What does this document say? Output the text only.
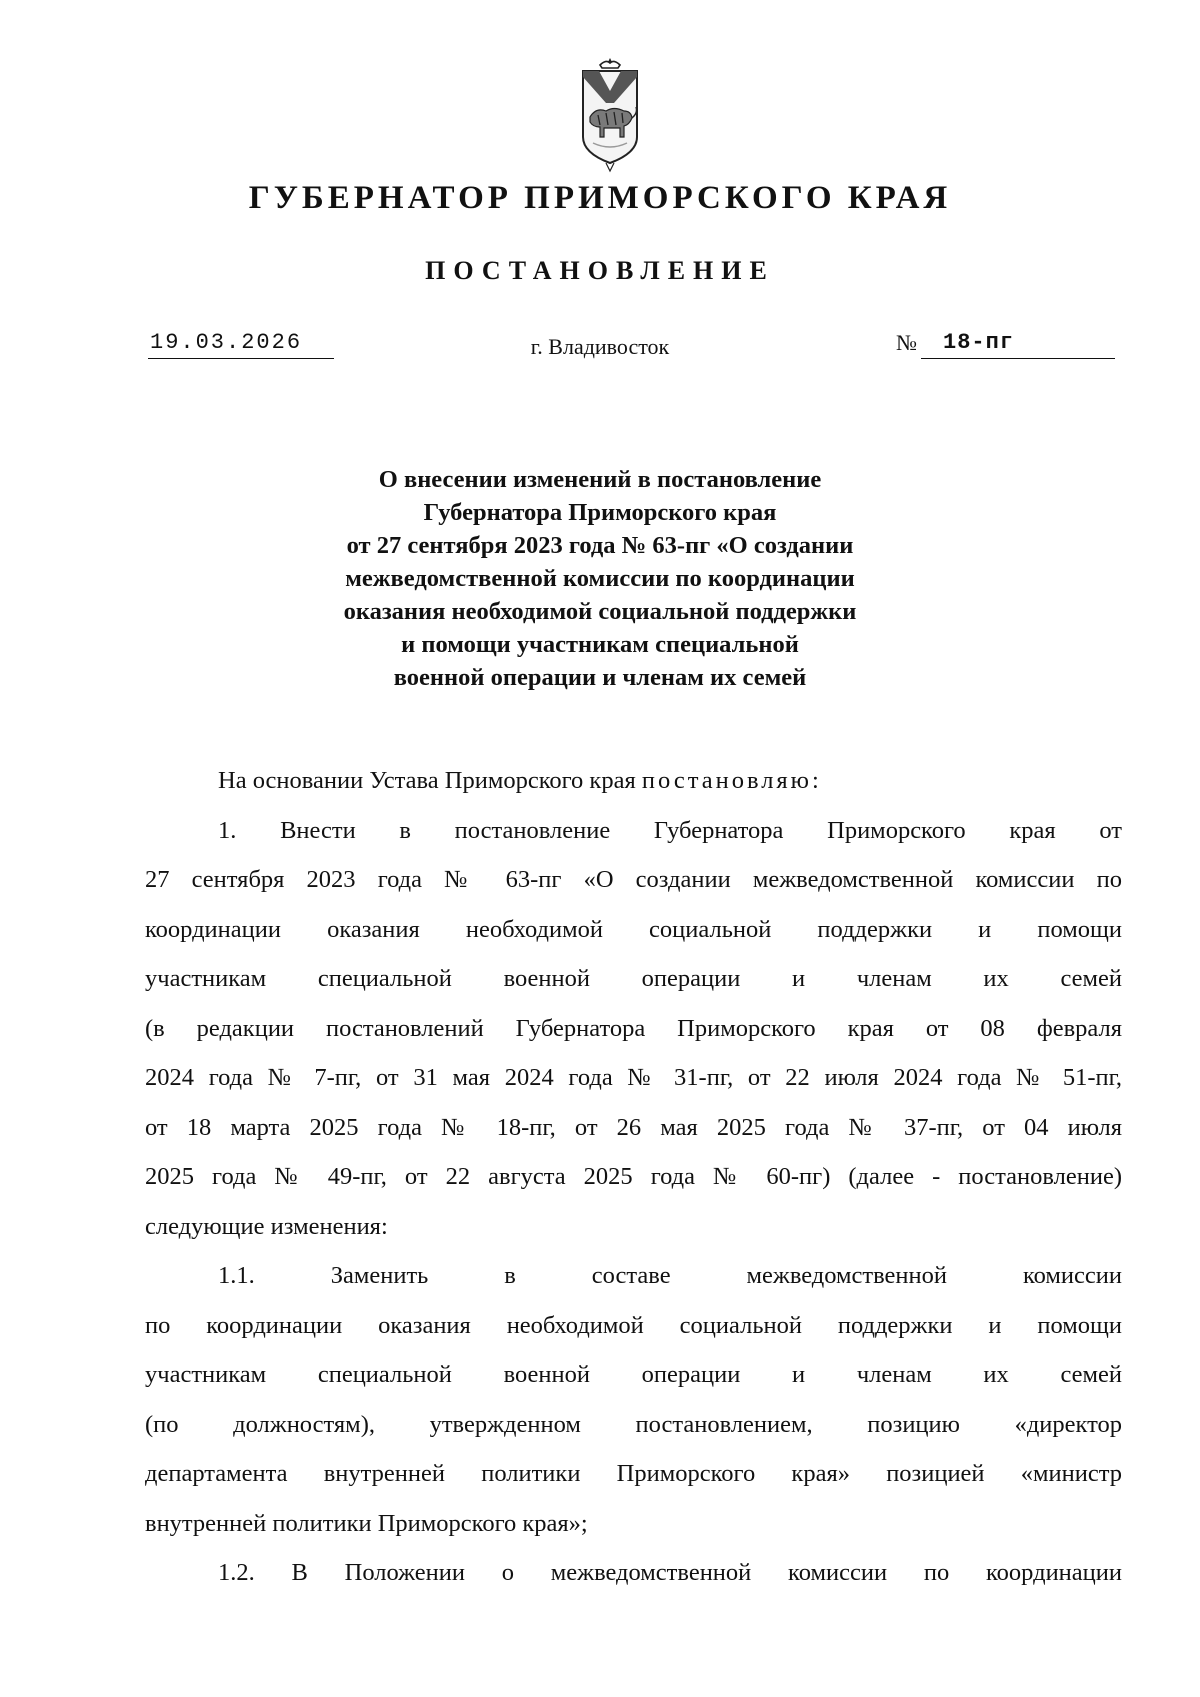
ГУБЕРНАТОР ПРИМОРСКОГО КРАЯ
ПОСТАНОВЛЕНИЕ
19.03.2026	г. Владивосток	№	18-пг
О внесении изменений в постановление
Губернатора Приморского края
от 27 сентября 2023 года № 63-пг «О создании
межведомственной комиссии по координации
оказания необходимой социальной поддержки
и помощи участникам специальной
военной операции и членам их семей
На основании Устава Приморского края постановляю:
1. Внести в постановление Губернатора Приморского края от
27 сентября 2023 года № 63-пг «О создании межведомственной комиссии по
координации оказания необходимой социальной поддержки и помощи
участникам специальной военной операции и членам их семей
(в редакции постановлений Губернатора Приморского края от 08 февраля
2024 года № 7-пг, от 31 мая 2024 года № 31-пг, от 22 июля 2024 года № 51-пг,
от 18 марта 2025 года № 18-пг, от 26 мая 2025 года № 37-пг, от 04 июля
2025 года № 49-пг, от 22 августа 2025 года № 60-пг) (далее - постановление)
следующие изменения:
1.1. Заменить в составе межведомственной комиссии
по координации оказания необходимой социальной поддержки и помощи
участникам специальной военной операции и членам их семей
(по должностям), утвержденном постановлением, позицию «директор
департамента внутренней политики Приморского края» позицией «министр
внутренней политики Приморского края»;
1.2. В Положении о межведомственной комиссии по координации
